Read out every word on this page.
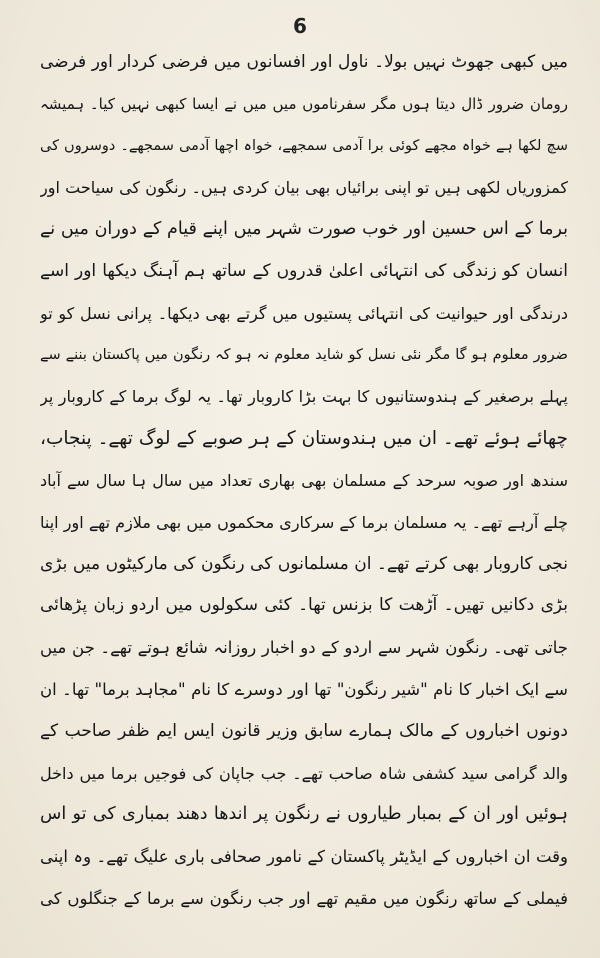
6
میں کبھی جھوٹ نہیں بولا۔ ناول اور افسانوں میں فرضی کردار اور فرضی
رومان ضرور ڈال دیتا ہوں مگر سفرناموں میں میں نے ایسا کبھی نہیں کیا۔ ہمیشہ
سچ لکھا ہے خواہ مجھے کوئی برا آدمی سمجھے، خواہ اچھا آدمی سمجھے۔ دوسروں کی
کمزوریاں لکھی ہیں تو اپنی برائیاں بھی بیان کردی ہیں۔ رنگون کی سیاحت اور
برما کے اس حسین اور خوب صورت شہر میں اپنے قیام کے دوران میں نے
انسان کو زندگی کی انتہائی اعلیٰ قدروں کے ساتھ ہم آہنگ دیکھا اور اسے
درندگی اور حیوانیت کی انتہائی پستیوں میں گرتے بھی دیکھا۔ پرانی نسل کو تو
ضرور معلوم ہو گا مگر نئی نسل کو شاید معلوم نہ ہو کہ رنگون میں پاکستان بننے سے
پہلے برصغیر کے ہندوستانیوں کا بہت بڑا کاروبار تھا۔ یہ لوگ برما کے کاروبار پر
چھائے ہوئے تھے۔ ان میں ہندوستان کے ہر صوبے کے لوگ تھے۔ پنجاب،
سندھ اور صوبہ سرحد کے مسلمان بھی بھاری تعداد میں سال ہا سال سے آباد
چلے آرہے تھے۔ یہ مسلمان برما کے سرکاری محکموں میں بھی ملازم تھے اور اپنا
نجی کاروبار بھی کرتے تھے۔ ان مسلمانوں کی رنگون کی مارکیٹوں میں بڑی
بڑی دکانیں تھیں۔ آڑھت کا بزنس تھا۔ کئی سکولوں میں اردو زبان پڑھائی
جاتی تھی۔ رنگون شہر سے اردو کے دو اخبار روزانہ شائع ہوتے تھے۔ جن میں
سے ایک اخبار کا نام "شیر رنگون" تھا اور دوسرے کا نام "مجاہد برما" تھا۔ ان
دونوں اخباروں کے مالک ہمارے سابق وزیر قانون ایس ایم ظفر صاحب کے
والد گرامی سید کشفی شاہ صاحب تھے۔ جب جاپان کی فوجیں برما میں داخل
ہوئیں اور ان کے بمبار طیاروں نے رنگون پر اندھا دھند بمباری کی تو اس
وقت ان اخباروں کے ایڈیٹر پاکستان کے نامور صحافی باری علیگ تھے۔ وہ اپنی
فیملی کے ساتھ رنگون میں مقیم تھے اور جب رنگون سے برما کے جنگلوں کی
